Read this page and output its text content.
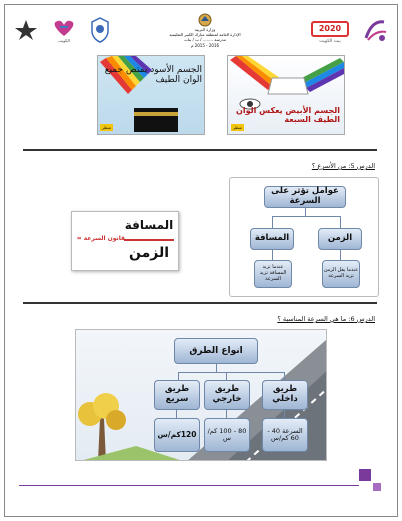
2020
بيت الكويت
وزارة التربية
الإدارة العامة لمنطقة مبارك الكبير التعليمية
مدرسة ........ / ب / بنات
2016 - 2015 م
الكويت
الجسم الأسود يمتص جميع الوان الطيف
منظر
الجسم الأبيض يعكس الوان الطيف السبعة
منظر
الدرس 5: من الأسرع ؟
المسافة
الزمن
قانون السرعة =
عوامل تؤثر على السرعة
الزمن
المسافة
عندما يقل الزمن تزيد السرعة
عندما تزيد المسافة تزيد السرعة
الدرس 6: ما هي السرعة المناسبة ؟
انواع الطرق
طريق داخلي
طريق خارجي
طريق سريع
السرعة 40 - 60 كم/س
80 - 100 كم/س
120كم/س
